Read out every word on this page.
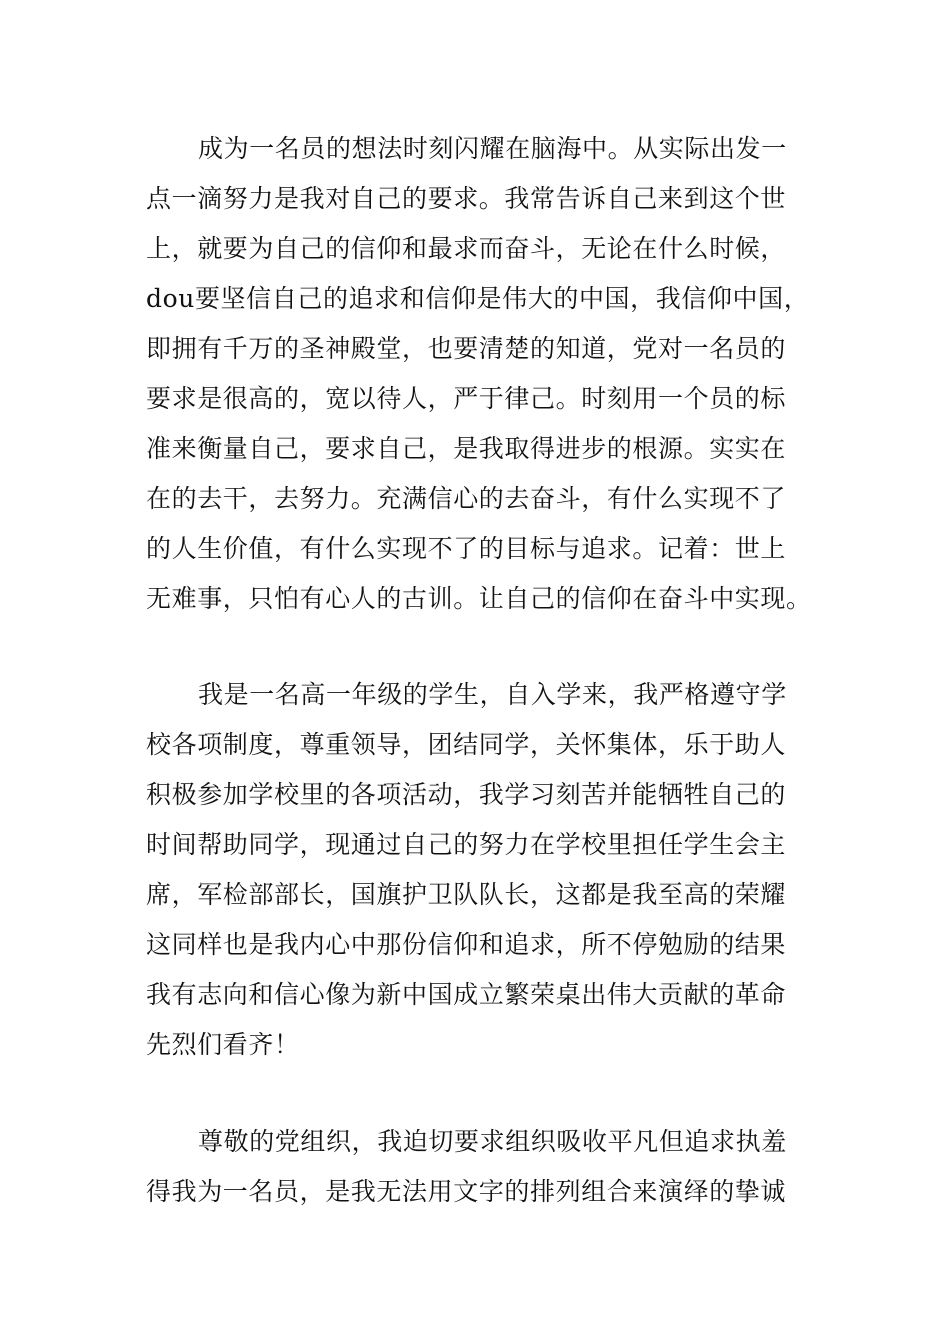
成为一名员的想法时刻闪耀在脑海中。从实际出发一
点一滴努力是我对自己的要求。我常告诉自己来到这个世
上，就要为自己的信仰和最求而奋斗，无论在什么时候，
dou要坚信自己的追求和信仰是伟大的中国，我信仰中国，
即拥有千万的圣神殿堂，也要清楚的知道，党对一名员的
要求是很高的，宽以待人，严于律己。时刻用一个员的标
准来衡量自己，要求自己，是我取得进步的根源。实实在
在的去干，去努力。充满信心的去奋斗，有什么实现不了
的人生价值，有什么实现不了的目标与追求。记着：世上
无难事，只怕有心人的古训。让自己的信仰在奋斗中实现。
我是一名高一年级的学生，自入学来，我严格遵守学
校各项制度，尊重领导，团结同学，关怀集体，乐于助人
积极参加学校里的各项活动，我学习刻苦并能牺牲自己的
时间帮助同学，现通过自己的努力在学校里担任学生会主
席，军检部部长，国旗护卫队队长，这都是我至高的荣耀
这同样也是我内心中那份信仰和追求，所不停勉励的结果
我有志向和信心像为新中国成立繁荣桌出伟大贡献的革命
先烈们看齐！
尊敬的党组织，我迫切要求组织吸收平凡但追求执羞
得我为一名员，是我无法用文字的排列组合来演绎的挚诚
